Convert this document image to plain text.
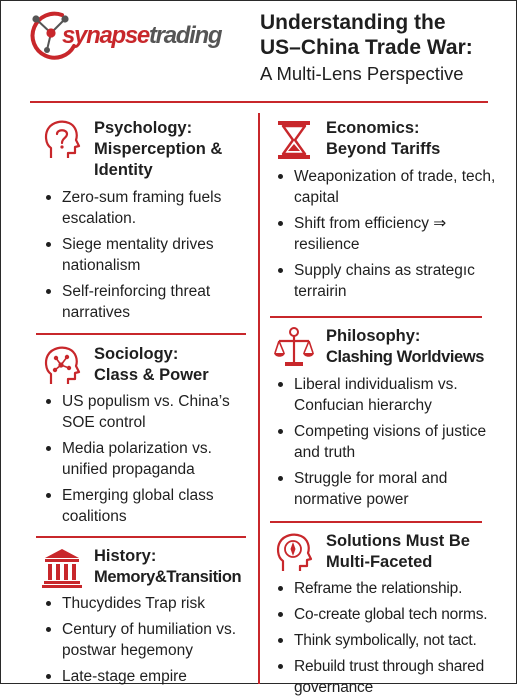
synapsetrading Understanding the
US–China Trade War:
A Multi-Lens Perspective
Psychology:
Misperception &
Identity
Zero-sum framing fuels escalation.
Siege mentality drives nationalism
Self-reinforcing threat narratives
Sociology:
Class & Power
US populism vs. China’s SOE control
Media polarization vs. unified propaganda
Emerging global class coalitions
History:
Memory&Transition
Thucydides Trap risk
Century of humiliation vs. postwar hegemony
Late-stage empire
Economics:
Beyond Tariffs
Weaponization of trade, tech, capital
Shift from efficiency ⇒ resilience
Supply chains as strategıc terrairin
Philosophy:
Clashing Worldviews
Liberal individualism vs. Confucian hierarchy
Competing visions of justice and truth
Struggle for moral and normative power
Solutions Must Be
Multi-Faceted
Reframe the relationship.
Co-create global tech norms.
Think symbolically, not tact.
Rebuild trust through shared governance
